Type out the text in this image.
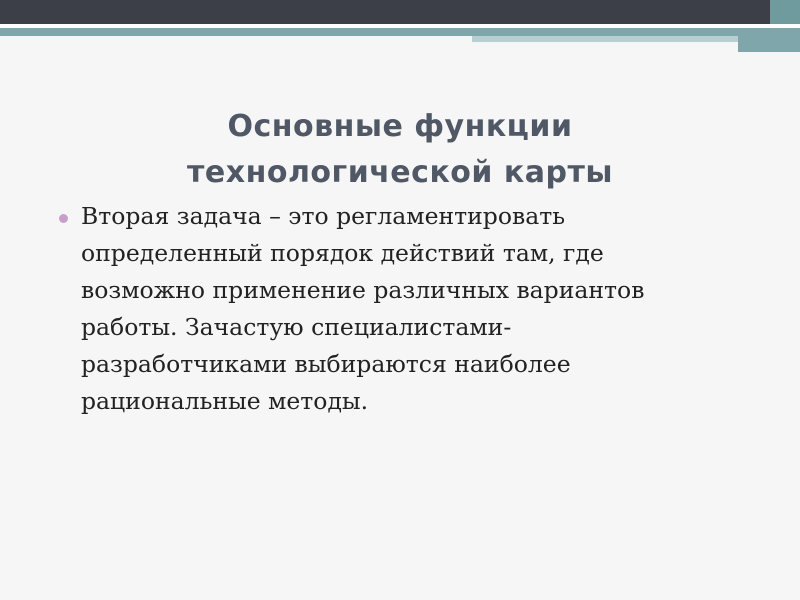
Основные функции
технологической карты
Вторая задача – это регламентировать
определенный порядок действий там, где
возможно применение различных вариантов
работы. Зачастую специалистами-
разработчиками выбираются наиболее
рациональные методы.
